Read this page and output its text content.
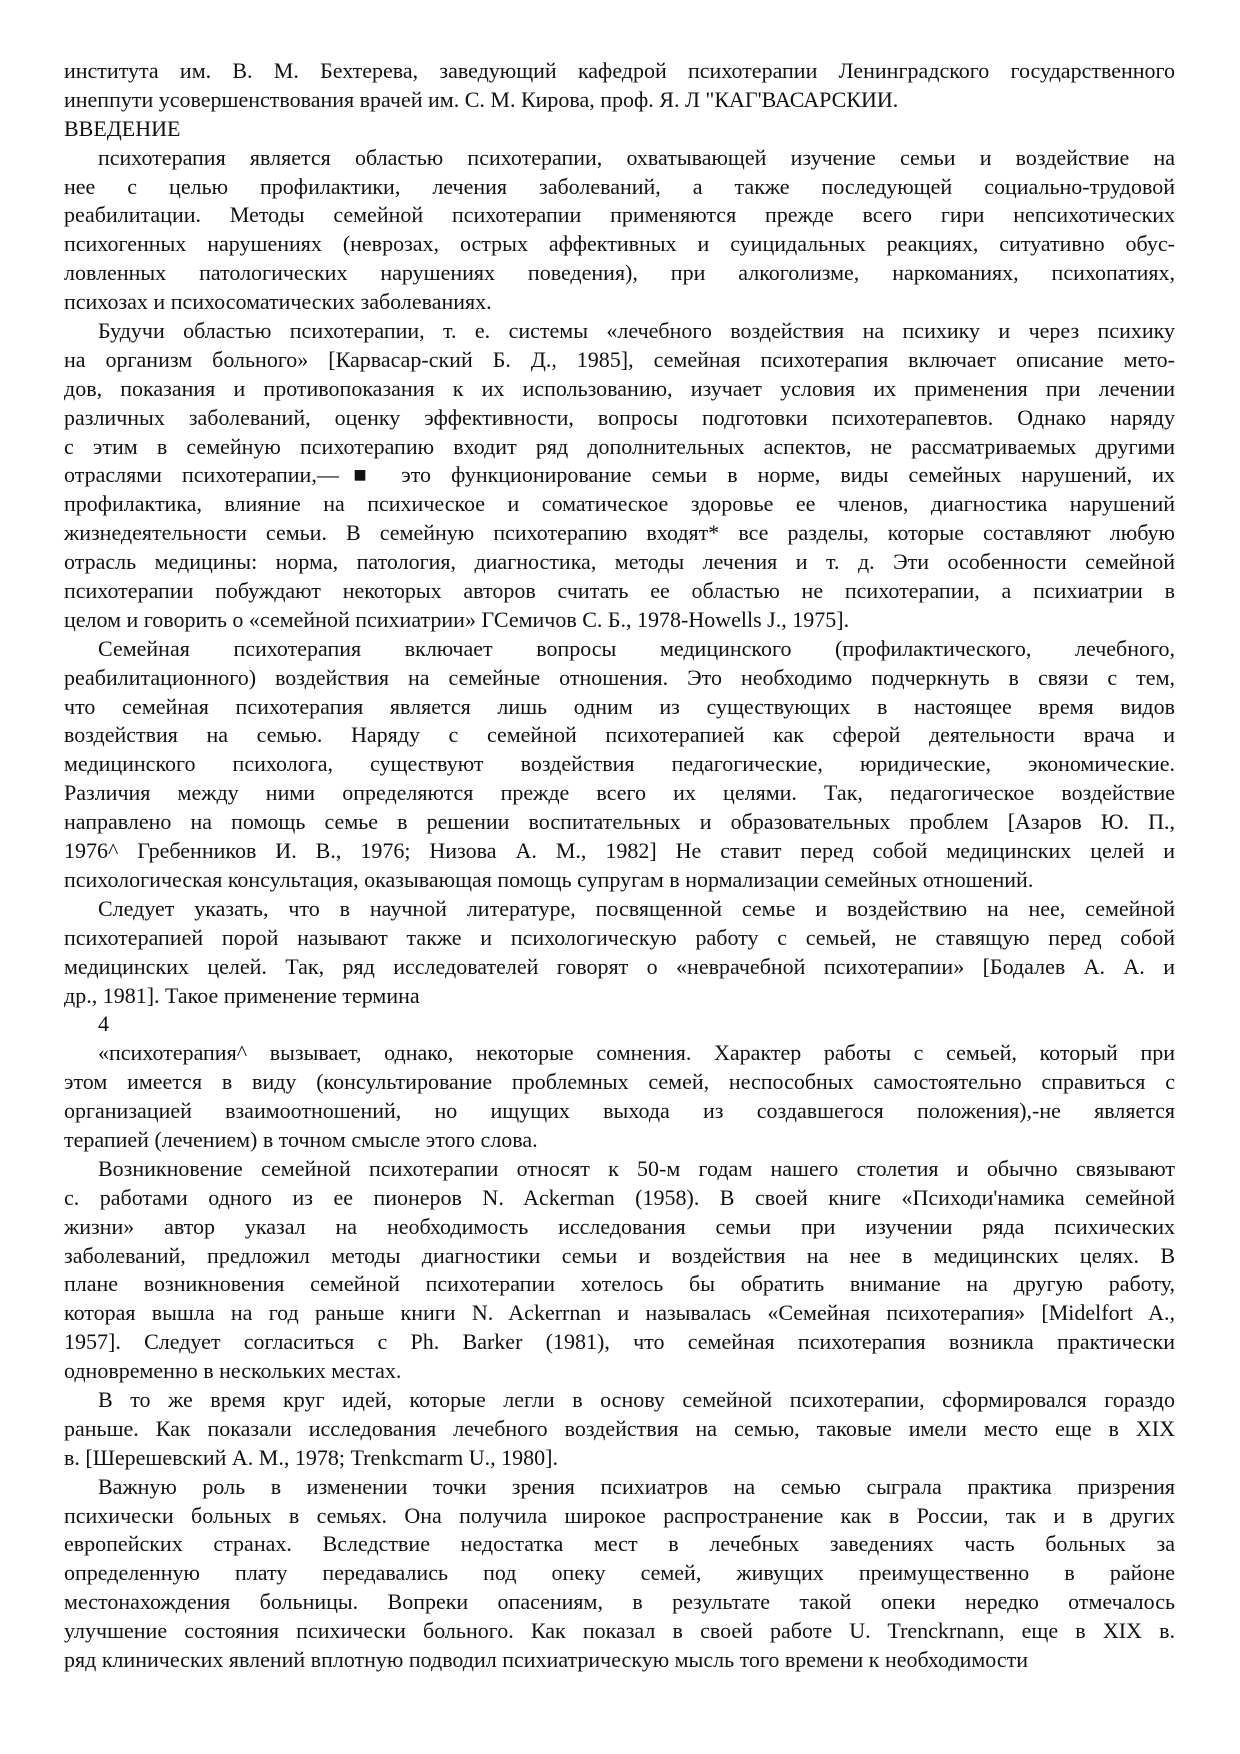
института им. В. М. Бехтерева, заведующий кафедрой психотерапии Ленинградского государственного
инеппути усовершенствования врачей им. С. М. Кирова, проф. Я. Л "КАГ'ВАСАРСКИИ.
ВВЕДЕНИЕ
психотерапия является областью психотерапии, охватывающей изучение семьи и воздействие на
нее с целью профилактики, лечения заболеваний, а также последующей социально-трудовой
реабилитации. Методы семейной психотерапии применяются прежде всего гири непсихотических
психогенных нарушениях (неврозах, острых аффективных и суицидальных реакциях, ситуативно обус-
ловленных патологических нарушениях поведения), при алкоголизме, наркоманиях, психопатиях,
психозах и психосоматических заболеваниях.
Будучи областью психотерапии, т. е. системы «лечебного воздействия на психику и через психику
на организм больного» [Карвасар-ский Б. Д., 1985], семейная психотерапия включает описание мето-
дов, показания и противопоказания к их использованию, изучает условия их применения при лечении
различных заболеваний, оценку эффективности, вопросы подготовки психотерапевтов. Однако наряду
с этим в семейную психотерапию входит ряд дополнительных аспектов, не рассматриваемых другими
отраслями психотерапии,—■ это функционирование семьи в норме, виды семейных нарушений, их
профилактика, влияние на психическое и соматическое здоровье ее членов, диагностика нарушений
жизнедеятельности семьи. В семейную психотерапию входят* все разделы, которые составляют любую
отрасль медицины: норма, патология, диагностика, методы лечения и т. д. Эти особенности семейной
психотерапии побуждают некоторых авторов считать ее областью не психотерапии, а психиатрии в
целом и говорить о «семейной психиатрии» ГСемичов С. Б., 1978-Howells J., 1975].
Семейная психотерапия включает вопросы медицинского (профилактического, лечебного,
реабилитационного) воздействия на семейные отношения. Это необходимо подчеркнуть в связи с тем,
что семейная психотерапия является лишь одним из существующих в настоящее время видов
воздействия на семью. Наряду с семейной психотерапией как сферой деятельности врача и
медицинского психолога, существуют воздействия педагогические, юридические, экономические.
Различия между ними определяются прежде всего их целями. Так, педагогическое воздействие
направлено на помощь семье в решении воспитательных и образовательных проблем [Азаров Ю. П.,
1976^ Гребенников И. В., 1976; Низова А. М., 1982] Не ставит перед собой медицинских целей и
психологическая консультация, оказывающая помощь супругам в нормализации семейных отношений.
Следует указать, что в научной литературе, посвященной семье и воздействию на нее, семейной
психотерапией порой называют также и психологическую работу с семьей, не ставящую перед собой
медицинских целей. Так, ряд исследователей говорят о «неврачебной психотерапии» [Бодалев А. А. и
др., 1981]. Такое применение термина
4
«психотерапия^ вызывает, однако, некоторые сомнения. Характер работы с семьей, который при
этом имеется в виду (консультирование проблемных семей, неспособных самостоятельно справиться с
организацией взаимоотношений, но ищущих выхода из создавшегося положения),-не является
терапией (лечением) в точном смысле этого слова.
Возникновение семейной психотерапии относят к 50-м годам нашего столетия и обычно связывают
с. работами одного из ее пионеров N. Ackerman (1958). В своей книге «Психоди'намика семейной
жизни» автор указал на необходимость исследования семьи при изучении ряда психических
заболеваний, предложил методы диагностики семьи и воздействия на нее в медицинских целях. В
плане возникновения семейной психотерапии хотелось бы обратить внимание на другую работу,
которая вышла на год раньше книги N. Ackerrnan и называлась «Семейная психотерапия» [Midelfort A.,
1957]. Следует согласиться с Ph. Barker (1981), что семейная психотерапия возникла практически
одновременно в нескольких местах.
В то же время круг идей, которые легли в основу семейной психотерапии, сформировался гораздо
раньше. Как показали исследования лечебного воздействия на семью, таковые имели место еще в XIX
в. [Шерешевский А. М., 1978; Trenkcmarm U., 1980].
Важную роль в изменении точки зрения психиатров на семью сыграла практика призрения
психически больных в семьях. Она получила широкое распространение как в России, так и в других
европейских странах. Вследствие недостатка мест в лечебных заведениях часть больных за
определенную плату передавались под опеку семей, живущих преимущественно в районе
местонахождения больницы. Вопреки опасениям, в результате такой опеки нередко отмечалось
улучшение состояния психически больного. Как показал в своей работе U. Trenckrnann, еще в XIX в.
ряд клинических явлений вплотную подводил психиатрическую мысль того времени к необходимости
